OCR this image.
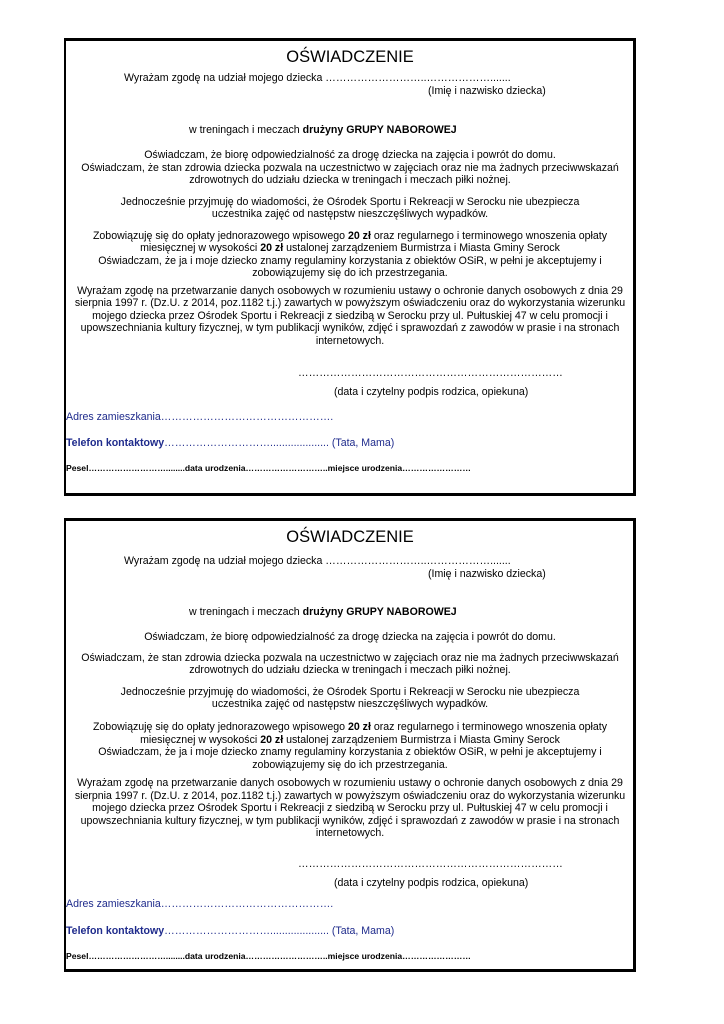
OŚWIADCZENIE
Wyrażam zgodę na udział mojego dziecka ………………………..……………….......
(Imię i nazwisko dziecka)
w treningach i meczach drużyny GRUPY NABOROWEJ
Oświadczam, że biorę odpowiedzialność za drogę dziecka na zajęcia i powrót do domu.
Oświadczam, że stan zdrowia dziecka pozwala na uczestnictwo w zajęciach oraz nie ma żadnych przeciwwskazań
zdrowotnych do udziału dziecka w treningach i meczach piłki nożnej.
Jednocześnie przyjmuję do wiadomości, że Ośrodek Sportu i Rekreacji w Serocku nie ubezpiecza
uczestnika zajęć od następstw nieszczęśliwych wypadków.
Zobowiązuję się do opłaty jednorazowego wpisowego 20 zł oraz regularnego i terminowego wnoszenia opłaty
miesięcznej w wysokości 20 zł ustalonej zarządzeniem Burmistrza i Miasta Gminy Serock
Oświadczam, że ja i moje dziecko znamy regulaminy korzystania z obiektów OSiR, w pełni je akceptujemy i
zobowiązujemy się do ich przestrzegania.
Wyrażam zgodę na przetwarzanie danych osobowych w rozumieniu ustawy o ochronie danych osobowych z dnia 29
sierpnia 1997 r. (Dz.U. z 2014, poz.1182 t.j.) zawartych w powyższym oświadczeniu oraz do wykorzystania wizerunku
mojego dziecka przez Ośrodek Sportu i Rekreacji z siedzibą w Serocku przy ul. Pułtuskiej 47 w celu promocji i
upowszechniania kultury fizycznej, w tym publikacji wyników, zdjęć i sprawozdań z zawodów w prasie i na stronach
internetowych.
…………………………………………………………………
(data i czytelny podpis rodzica, opiekuna)
Adres zamieszkania………………………………………….
Telefon kontaktowy………………………….................... (Tata, Mama)
Pesel………………………........data urodzenia………………………..miejsce urodzenia……………………
OŚWIADCZENIE
Wyrażam zgodę na udział mojego dziecka ………………………..……………….......
(Imię i nazwisko dziecka)
w treningach i meczach drużyny GRUPY NABOROWEJ
Oświadczam, że biorę odpowiedzialność za drogę dziecka na zajęcia i powrót do domu.
Oświadczam, że stan zdrowia dziecka pozwala na uczestnictwo w zajęciach oraz nie ma żadnych przeciwwskazań
zdrowotnych do udziału dziecka w treningach i meczach piłki nożnej.
Jednocześnie przyjmuję do wiadomości, że Ośrodek Sportu i Rekreacji w Serocku nie ubezpiecza
uczestnika zajęć od następstw nieszczęśliwych wypadków.
Zobowiązuję się do opłaty jednorazowego wpisowego 20 zł oraz regularnego i terminowego wnoszenia opłaty
miesięcznej w wysokości 20 zł ustalonej zarządzeniem Burmistrza i Miasta Gminy Serock
Oświadczam, że ja i moje dziecko znamy regulaminy korzystania z obiektów OSiR, w pełni je akceptujemy i
zobowiązujemy się do ich przestrzegania.
Wyrażam zgodę na przetwarzanie danych osobowych w rozumieniu ustawy o ochronie danych osobowych z dnia 29
sierpnia 1997 r. (Dz.U. z 2014, poz.1182 t.j.) zawartych w powyższym oświadczeniu oraz do wykorzystania wizerunku
mojego dziecka przez Ośrodek Sportu i Rekreacji z siedzibą w Serocku przy ul. Pułtuskiej 47 w celu promocji i
upowszechniania kultury fizycznej, w tym publikacji wyników, zdjęć i sprawozdań z zawodów w prasie i na stronach
internetowych.
…………………………………………………………………
(data i czytelny podpis rodzica, opiekuna)
Adres zamieszkania………………………………………….
Telefon kontaktowy………………………….................... (Tata, Mama)
Pesel………………………........data urodzenia………………………..miejsce urodzenia……………………
